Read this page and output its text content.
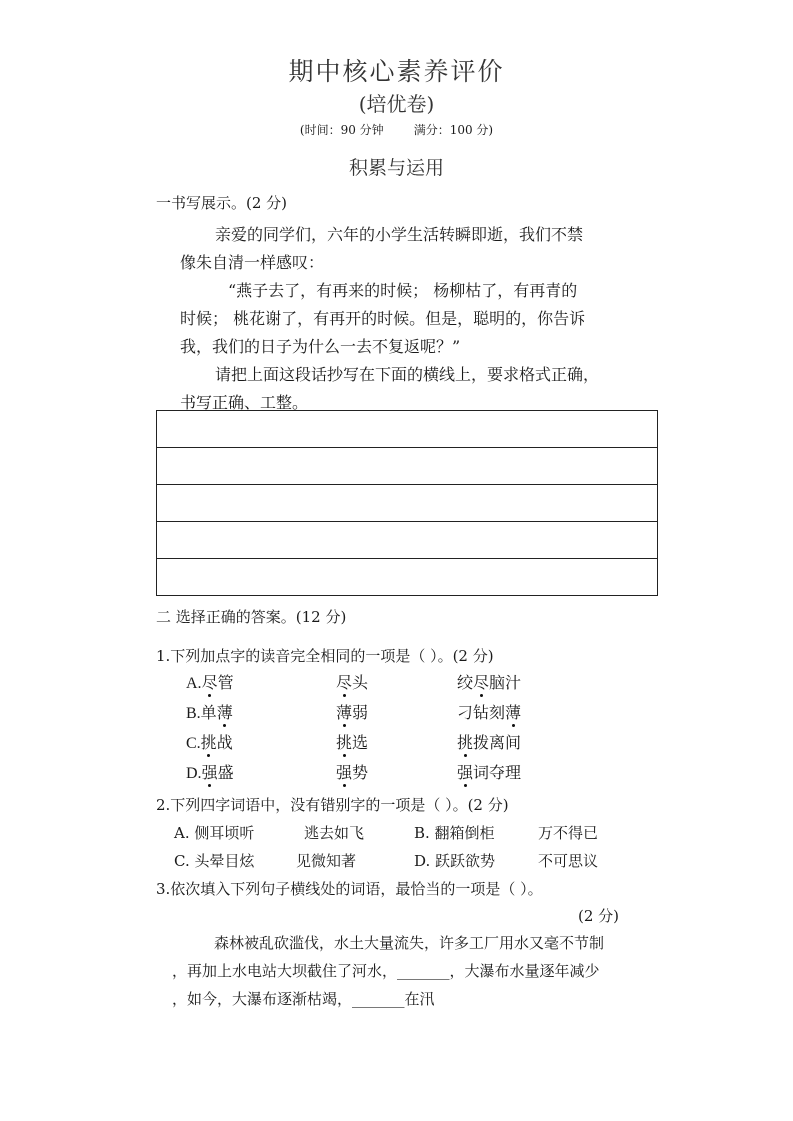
期中核心素养评价
(培优卷)
(时间：90 分钟	满分：100 分)
积累与运用
一书写展示。(2 分)
亲爱的同学们，六年的小学生活转瞬即逝，我们不禁
像朱自清一样感叹：
“燕子去了，有再来的时候； 杨柳枯了，有再青的
时候； 桃花谢了，有再开的时候。但是，聪明的，你告诉
我，我们的日子为什么一去不复返呢？”
请把上面这段话抄写在下面的横线上，要求格式正确，
书写正确、工整。
二 选择正确的答案。(12 分)
1.下列加点字的读音完全相同的一项是（ ）。(2 分)
A.尽管	尽头	绞尽脑汁
B.单薄	薄弱	刁钻刻薄
C.挑战	挑选	挑拨离间
D.强盛	强势	强词夺理
2.下列四字词语中，没有错别字的一项是（ ）。(2 分)
A. 侧耳顷听	逃去如飞	B. 翻箱倒柜	万不得已
C. 头晕目炫	见微知著	D. 跃跃欲势	不可思议
3.依次填入下列句子横线处的词语，最恰当的一项是（ ）。
(2 分)
森林被乱砍滥伐，水土大量流失，许多工厂用水又毫不节制
，再加上水电站大坝截住了河水，_______，大瀑布水量逐年减少
，如今，大瀑布逐渐枯竭，_______在汛
